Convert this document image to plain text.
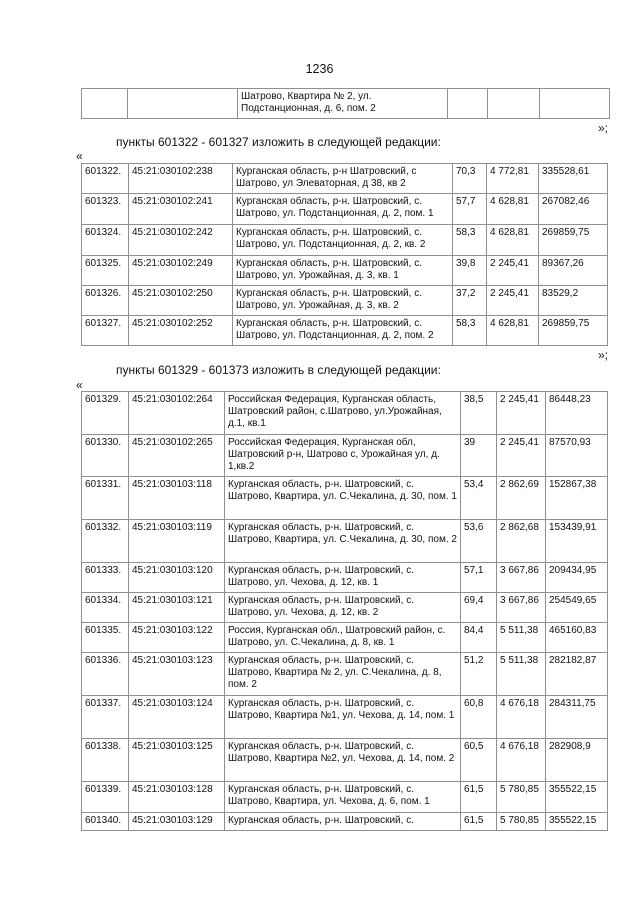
1236
		Шатрово, Квартира № 2, ул. Подстанционная, д. 6, пом. 2			
»;
пункты 601322 - 601327 изложить в следующей редакции:
«
601322.	45:21:030102:238	Курганская область, р-н Шатровский, с Шатрово, ул Элеваторная, д 38, кв 2	70,3	4 772,81	335528,61
601323.	45:21:030102:241	Курганская область, р-н. Шатровский, с. Шатрово, ул. Подстанционная, д. 2, пом. 1	57,7	4 628,81	267082,46
601324.	45:21:030102:242	Курганская область, р-н. Шатровский, с. Шатрово, ул. Подстанционная, д. 2, кв. 2	58,3	4 628,81	269859,75
601325.	45:21:030102:249	Курганская область, р-н. Шатровский, с. Шатрово, ул. Урожайная, д. 3, кв. 1	39,8	2 245,41	89367,26
601326.	45:21:030102:250	Курганская область, р-н. Шатровский, с. Шатрово, ул. Урожайная, д. 3, кв. 2	37,2	2 245,41	83529,2
601327.	45:21:030102:252	Курганская область, р-н. Шатровский, с. Шатрово, ул. Подстанционная, д. 2, пом. 2	58,3	4 628,81	269859,75
»;
пункты 601329 - 601373 изложить в следующей редакции:
«
601329.	45:21:030102:264	Российская Федерация, Курганская область, Шатровский район, с.Шатрово, ул.Урожайная, д.1, кв.1	38,5	2 245,41	86448,23
601330.	45:21:030102:265	Российская Федерация, Курганская обл, Шатровский р-н, Шатрово с, Урожайная ул, д. 1,кв.2	39	2 245,41	87570,93
601331.	45:21:030103:118	Курганская область, р-н. Шатровский, с. Шатрово, Квартира, ул. С.Чекалина, д. 30, пом. 1	53,4	2 862,69	152867,38
601332.	45:21:030103:119	Курганская область, р-н. Шатровский, с. Шатрово, Квартира, ул. С.Чекалина, д. 30, пом. 2	53,6	2 862,68	153439,91
601333.	45:21:030103:120	Курганская область, р-н. Шатровский, с. Шатрово, ул. Чехова, д. 12, кв. 1	57,1	3 667,86	209434,95
601334.	45:21:030103:121	Курганская область, р-н. Шатровский, с. Шатрово, ул. Чехова, д. 12, кв. 2	69,4	3 667,86	254549,65
601335.	45:21:030103:122	Россия, Курганская обл., Шатровский район, с. Шатрово, ул. С.Чекалина, д. 8, кв. 1	84,4	5 511,38	465160,83
601336.	45:21:030103:123	Курганская область, р-н. Шатровский, с. Шатрово, Квартира № 2, ул. С.Чекалина, д. 8, пом. 2	51,2	5 511,38	282182,87
601337.	45:21:030103:124	Курганская область, р-н. Шатровский, с. Шатрово, Квартира №1, ул. Чехова, д. 14, пом. 1	60,8	4 676,18	284311,75
601338.	45:21:030103:125	Курганская область, р-н. Шатровский, с. Шатрово, Квартира №2, ул. Чехова, д. 14, пом. 2	60,5	4 676,18	282908,9
601339.	45:21:030103:128	Курганская область, р-н. Шатровский, с. Шатрово, Квартира, ул. Чехова, д. 6, пом. 1	61,5	5 780,85	355522,15
601340.	45:21:030103:129	Курганская область, р-н. Шатровский, с.	61,5	5 780,85	355522,15
